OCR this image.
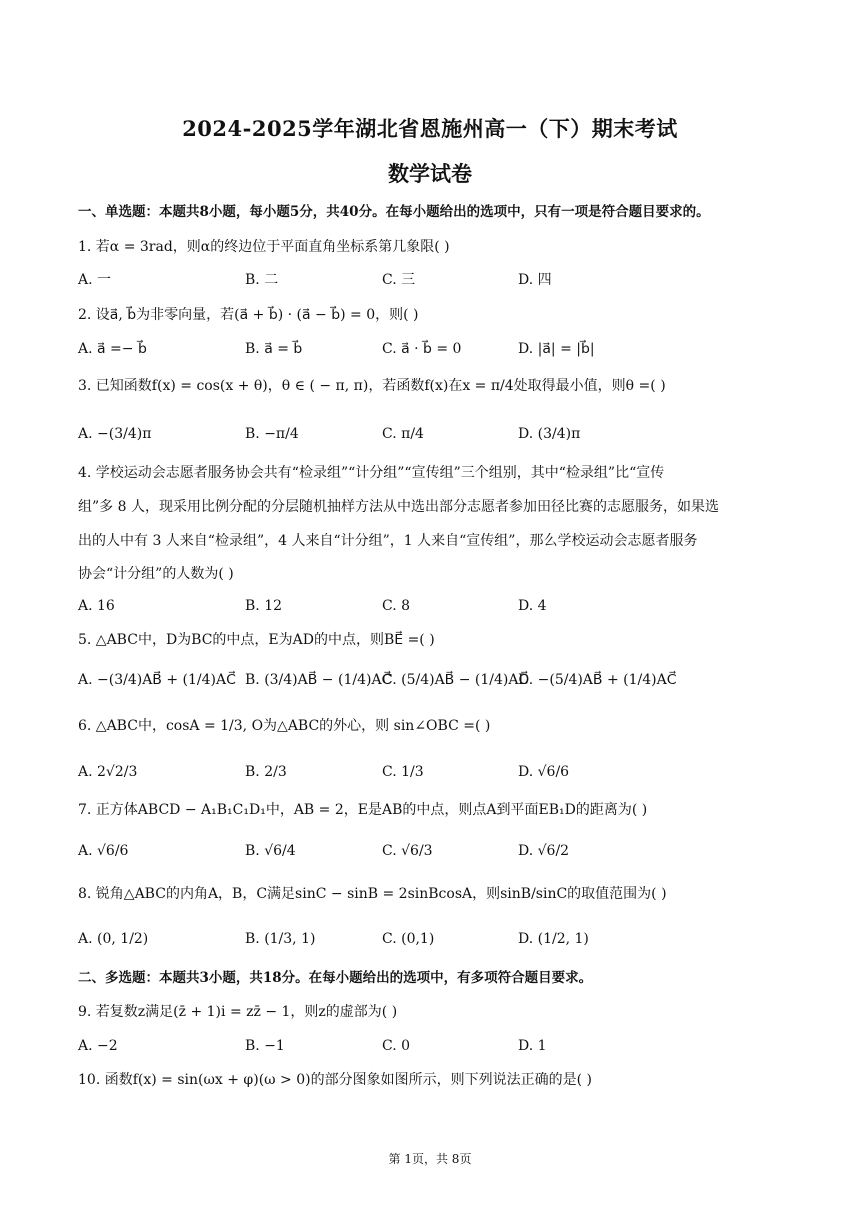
2024-2025学年湖北省恩施州高一（下）期末考试
数学试卷
一、单选题：本题共8小题，每小题5分，共40分。在每小题给出的选项中，只有一项是符合题目要求的。
1. 若α = 3rad，则α的终边位于平面直角坐标系第几象限( )
A. 一	B. 二	C. 三	D. 四
2. 设a⃗, b⃗为非零向量，若(a⃗ + b⃗) · (a⃗ − b⃗) = 0，则( )
A. a⃗ =− b⃗	B. a⃗ = b⃗	C. a⃗ · b⃗ = 0	D. |a⃗| = |b⃗|
3. 已知函数f(x) = cos(x + θ)，θ ∈ ( − π, π)，若函数f(x)在x = π/4处取得最小值，则θ =( )
A. −(3/4)π	B. −π/4	C. π/4	D. (3/4)π
4. 学校运动会志愿者服务协会共有“检录组”“计分组”“宣传组”三个组别，其中“检录组”比“宣传
组”多 8 人，现采用比例分配的分层随机抽样方法从中选出部分志愿者参加田径比赛的志愿服务，如果选
出的人中有 3 人来自“检录组”，4 人来自“计分组”，1 人来自“宣传组”，那么学校运动会志愿者服务
协会“计分组”的人数为( )
A. 16	B. 12	C. 8	D. 4
5. △ABC中，D为BC的中点，E为AD的中点，则BE⃗ =( )
A. −(3/4)AB⃗ + (1/4)AC⃗ B. (3/4)AB⃗ − (1/4)AC⃗
C. (5/4)AB⃗ − (1/4)AC⃗
D. −(5/4)AB⃗ + (1/4)AC⃗
6. △ABC中，cosA = 1/3, O为△ABC的外心，则 sin∠OBC =( )
A. 2√2/3	B. 2/3	C. 1/3	D. √6/6
7. 正方体ABCD − A₁B₁C₁D₁中，AB = 2，E是AB的中点，则点A到平面EB₁D的距离为( )
A. √6/6	B. √6/4	C. √6/3	D. √6/2
8. 锐角△ABC的内角A，B，C满足sinC − sinB = 2sinBcosA，则sinB/sinC的取值范围为( )
A. (0, 1/2)	B. (1/3, 1)	C. (0,1)	D. (1/2, 1)
二、多选题：本题共3小题，共18分。在每小题给出的选项中，有多项符合题目要求。
9. 若复数z满足(z̄ + 1)i = zz̄ − 1，则z的虚部为( )
A. −2	B. −1	C. 0	D. 1
10. 函数f(x) = sin(ωx + φ)(ω > 0)的部分图象如图所示，则下列说法正确的是( )
第 1页，共 8页
